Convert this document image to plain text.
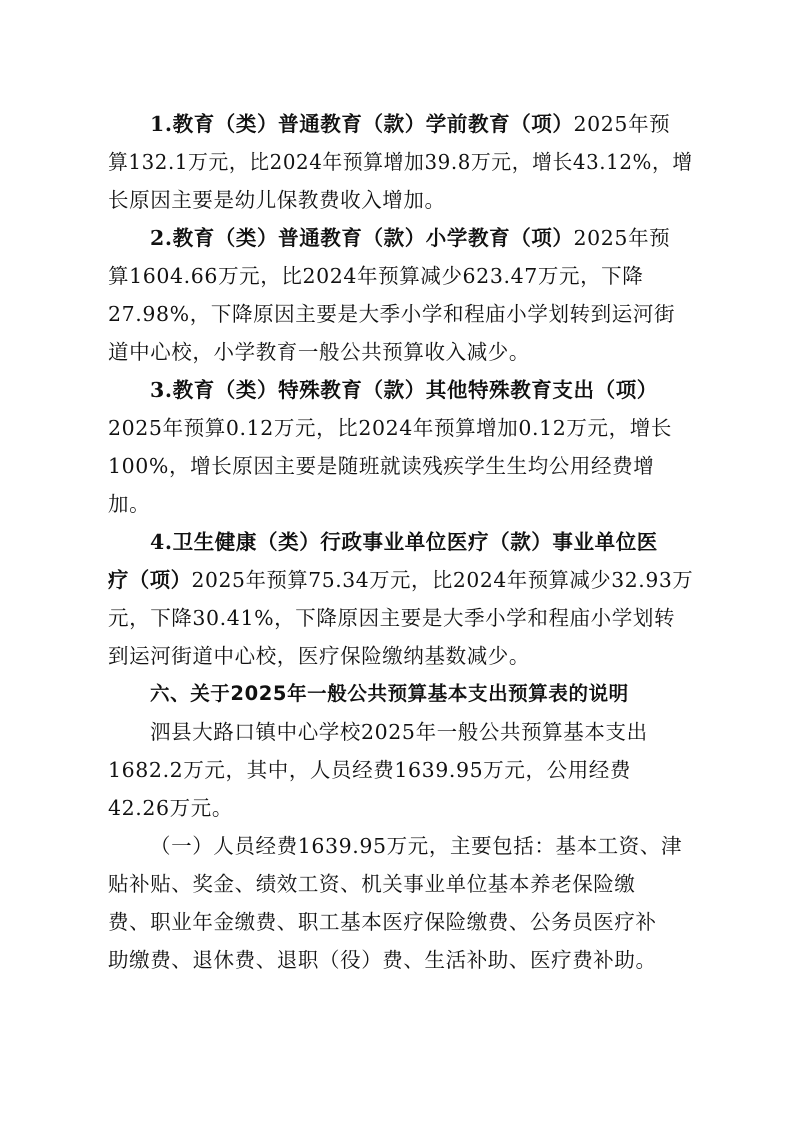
1.教育（类）普通教育（款）学前教育（项）2025年预
算132.1万元，比2024年预算增加39.8万元，增长43.12%，增
长原因主要是幼儿保教费收入增加。
2.教育（类）普通教育（款）小学教育（项）2025年预
算1604.66万元，比2024年预算减少623.47万元，下降
27.98%，下降原因主要是大季小学和程庙小学划转到运河街
道中心校，小学教育一般公共预算收入减少。
3.教育（类）特殊教育（款）其他特殊教育支出（项）
2025年预算0.12万元，比2024年预算增加0.12万元，增长
100%，增长原因主要是随班就读残疾学生生均公用经费增
加。
4.卫生健康（类）行政事业单位医疗（款）事业单位医
疗（项）2025年预算75.34万元，比2024年预算减少32.93万
元，下降30.41%，下降原因主要是大季小学和程庙小学划转
到运河街道中心校，医疗保险缴纳基数减少。
六、关于2025年一般公共预算基本支出预算表的说明
泗县大路口镇中心学校2025年一般公共预算基本支出
1682.2万元，其中，人员经费1639.95万元，公用经费
42.26万元。
（一）人员经费1639.95万元，主要包括：基本工资、津
贴补贴、奖金、绩效工资、机关事业单位基本养老保险缴
费、职业年金缴费、职工基本医疗保险缴费、公务员医疗补
助缴费、退休费、退职（役）费、生活补助、医疗费补助。
